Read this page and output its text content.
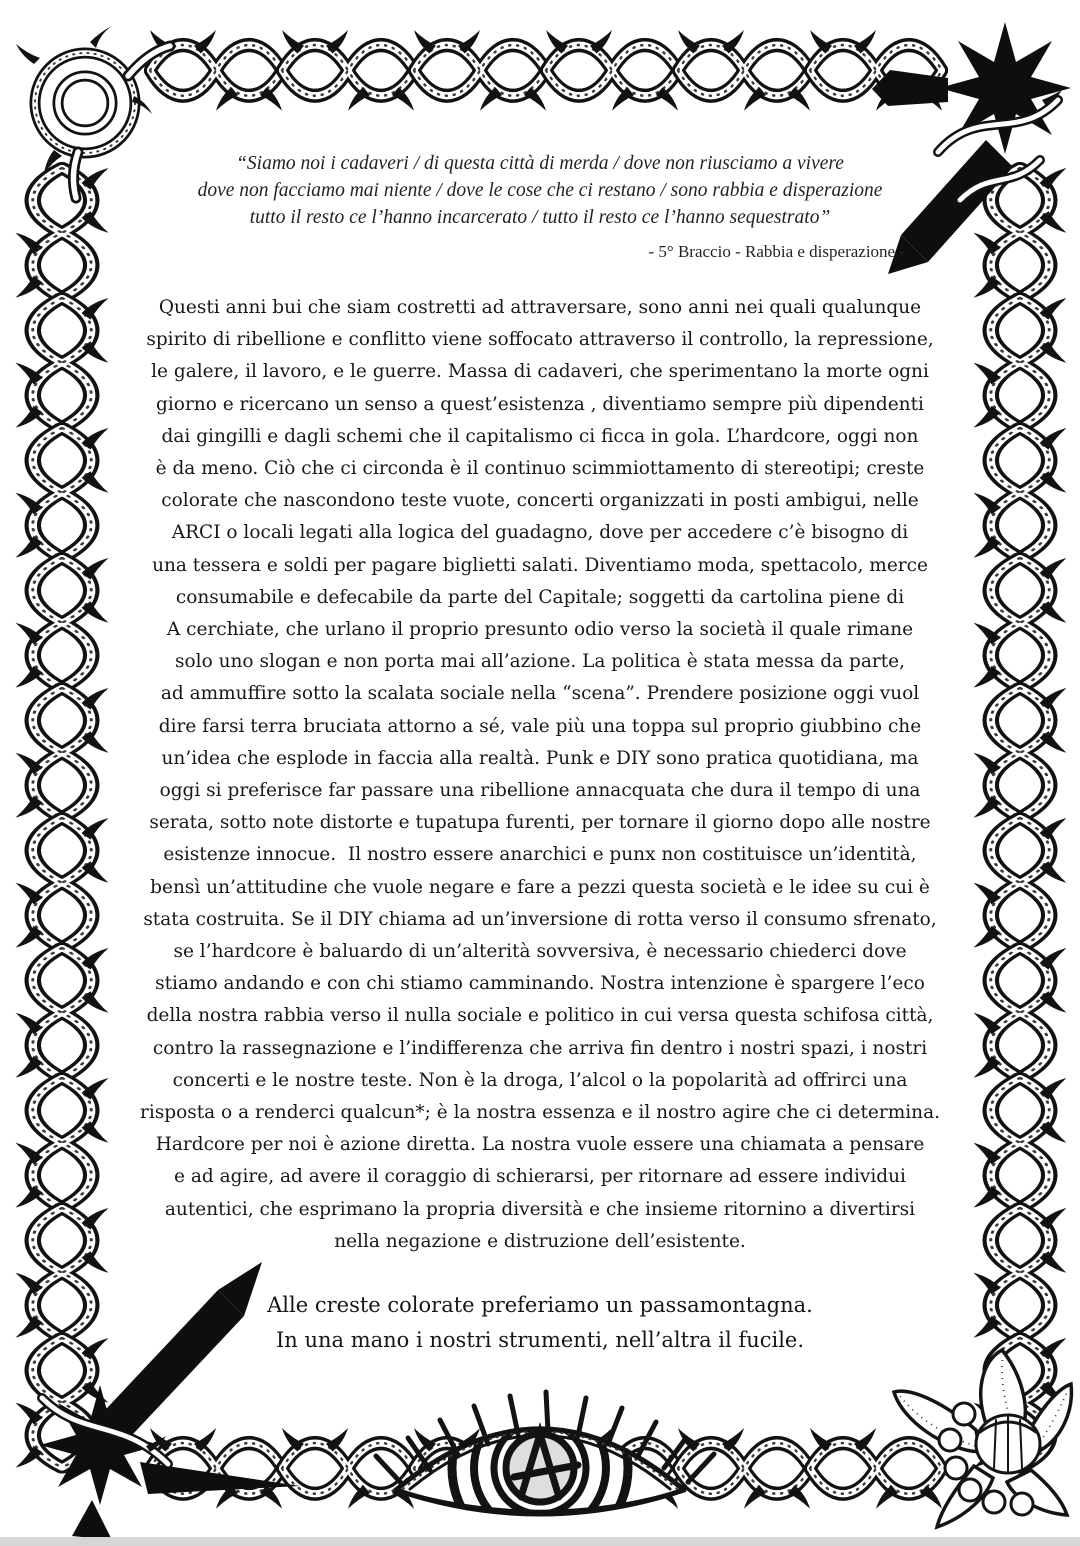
“Siamo noi i cadaveri / di questa città di merda / dove non riusciamo a vivere
dove non facciamo mai niente / dove le cose che ci restano / sono rabbia e disperazione
tutto il resto ce l’hanno incarcerato / tutto il resto ce l’hanno sequestrato”
- 5° Braccio - Rabbia e disperazione -
Questi anni bui che siam costretti ad attraversare, sono anni nei quali qualunque
spirito di ribellione e conflitto viene soffocato attraverso il controllo, la repressione,
le galere, il lavoro, e le guerre. Massa di cadaveri, che sperimentano la morte ogni
giorno e ricercano un senso a quest’esistenza , diventiamo sempre più dipendenti
dai gingilli e dagli schemi che il capitalismo ci ficca in gola. L’hardcore, oggi non
è da meno. Ciò che ci circonda è il continuo scimmiottamento di stereotipi; creste
colorate che nascondono teste vuote, concerti organizzati in posti ambigui, nelle
ARCI o locali legati alla logica del guadagno, dove per accedere c’è bisogno di
una tessera e soldi per pagare biglietti salati. Diventiamo moda, spettacolo, merce
consumabile e defecabile da parte del Capitale; soggetti da cartolina piene di
A cerchiate, che urlano il proprio presunto odio verso la società il quale rimane
solo uno slogan e non porta mai all’azione. La politica è stata messa da parte,
ad ammuffire sotto la scalata sociale nella “scena”. Prendere posizione oggi vuol
dire farsi terra bruciata attorno a sé, vale più una toppa sul proprio giubbino che
un’idea che esplode in faccia alla realtà. Punk e DIY sono pratica quotidiana, ma
oggi si preferisce far passare una ribellione annacquata che dura il tempo di una
serata, sotto note distorte e tupatupa furenti, per tornare il giorno dopo alle nostre
esistenze innocue.  Il nostro essere anarchici e punx non costituisce un’identità,
bensì un’attitudine che vuole negare e fare a pezzi questa società e le idee su cui è
stata costruita. Se il DIY chiama ad un’inversione di rotta verso il consumo sfrenato,
se l’hardcore è baluardo di un’alterità sovversiva, è necessario chiederci dove
stiamo andando e con chi stiamo camminando. Nostra intenzione è spargere l’eco
della nostra rabbia verso il nulla sociale e politico in cui versa questa schifosa città,
contro la rassegnazione e l’indifferenza che arriva fin dentro i nostri spazi, i nostri
concerti e le nostre teste. Non è la droga, l’alcol o la popolarità ad offrirci una
risposta o a renderci qualcun*; è la nostra essenza e il nostro agire che ci determina.
Hardcore per noi è azione diretta. La nostra vuole essere una chiamata a pensare
e ad agire, ad avere il coraggio di schierarsi, per ritornare ad essere individui
autentici, che esprimano la propria diversità e che insieme ritornino a divertirsi
nella negazione e distruzione dell’esistente.
Alle creste colorate preferiamo un passamontagna.
In una mano i nostri strumenti, nell’altra il fucile.
